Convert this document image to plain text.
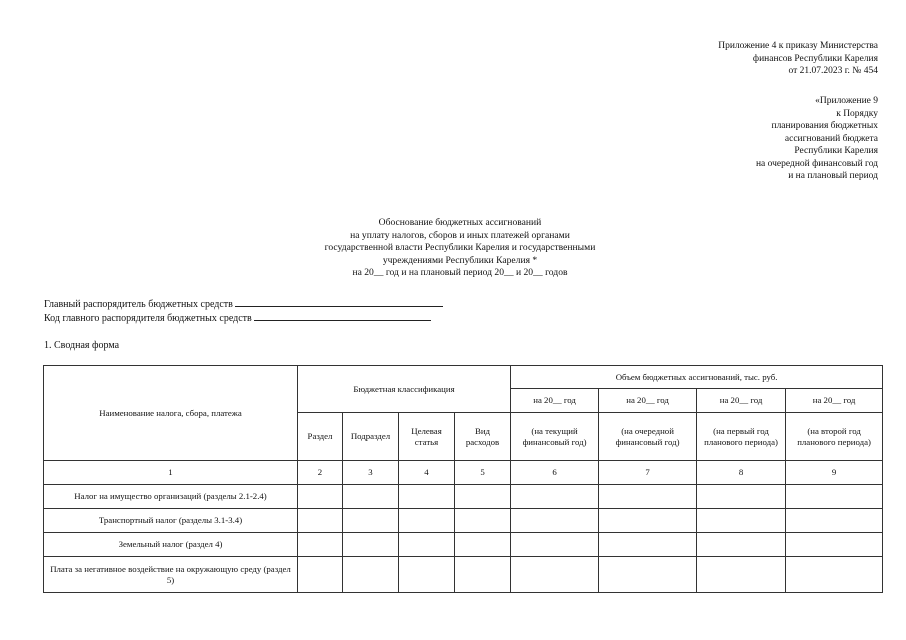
Приложение 4 к приказу Министерства
финансов Республики Карелия
от 21.07.2023 г. № 454
«Приложение 9
к Порядку
планирования бюджетных
ассигнований бюджета
Республики Карелия
на очередной финансовый год
и на плановый период
Обоснование бюджетных ассигнований
на уплату налогов, сборов и иных платежей органами
государственной власти Республики Карелия и государственными
учреждениями Республики Карелия *
на 20__ год и на плановый период 20__ и 20__ годов
Главный распорядитель бюджетных средств
Код главного распорядителя бюджетных средств
1. Сводная форма
Наименование налога, сбора, платежа	Бюджетная классификация				Объем бюджетных ассигнований, тыс. руб.			
					на 20__ год	на 20__ год	на 20__ год	на 20__ год
	Раздел	Подраздел	Целевая статья	Вид расходов	(на текущий финансовый год)	(на очередной финансовый год)	(на первый год планового периода)	(на второй год планового периода)
1	2	3	4	5	6	7	8	9
Налог на имущество организаций (разделы 2.1-2.4)								
Транспортный налог (разделы 3.1-3.4)								
Земельный налог (раздел 4)								
Плата за негативное воздействие на окружающую среду (раздел 5)								
